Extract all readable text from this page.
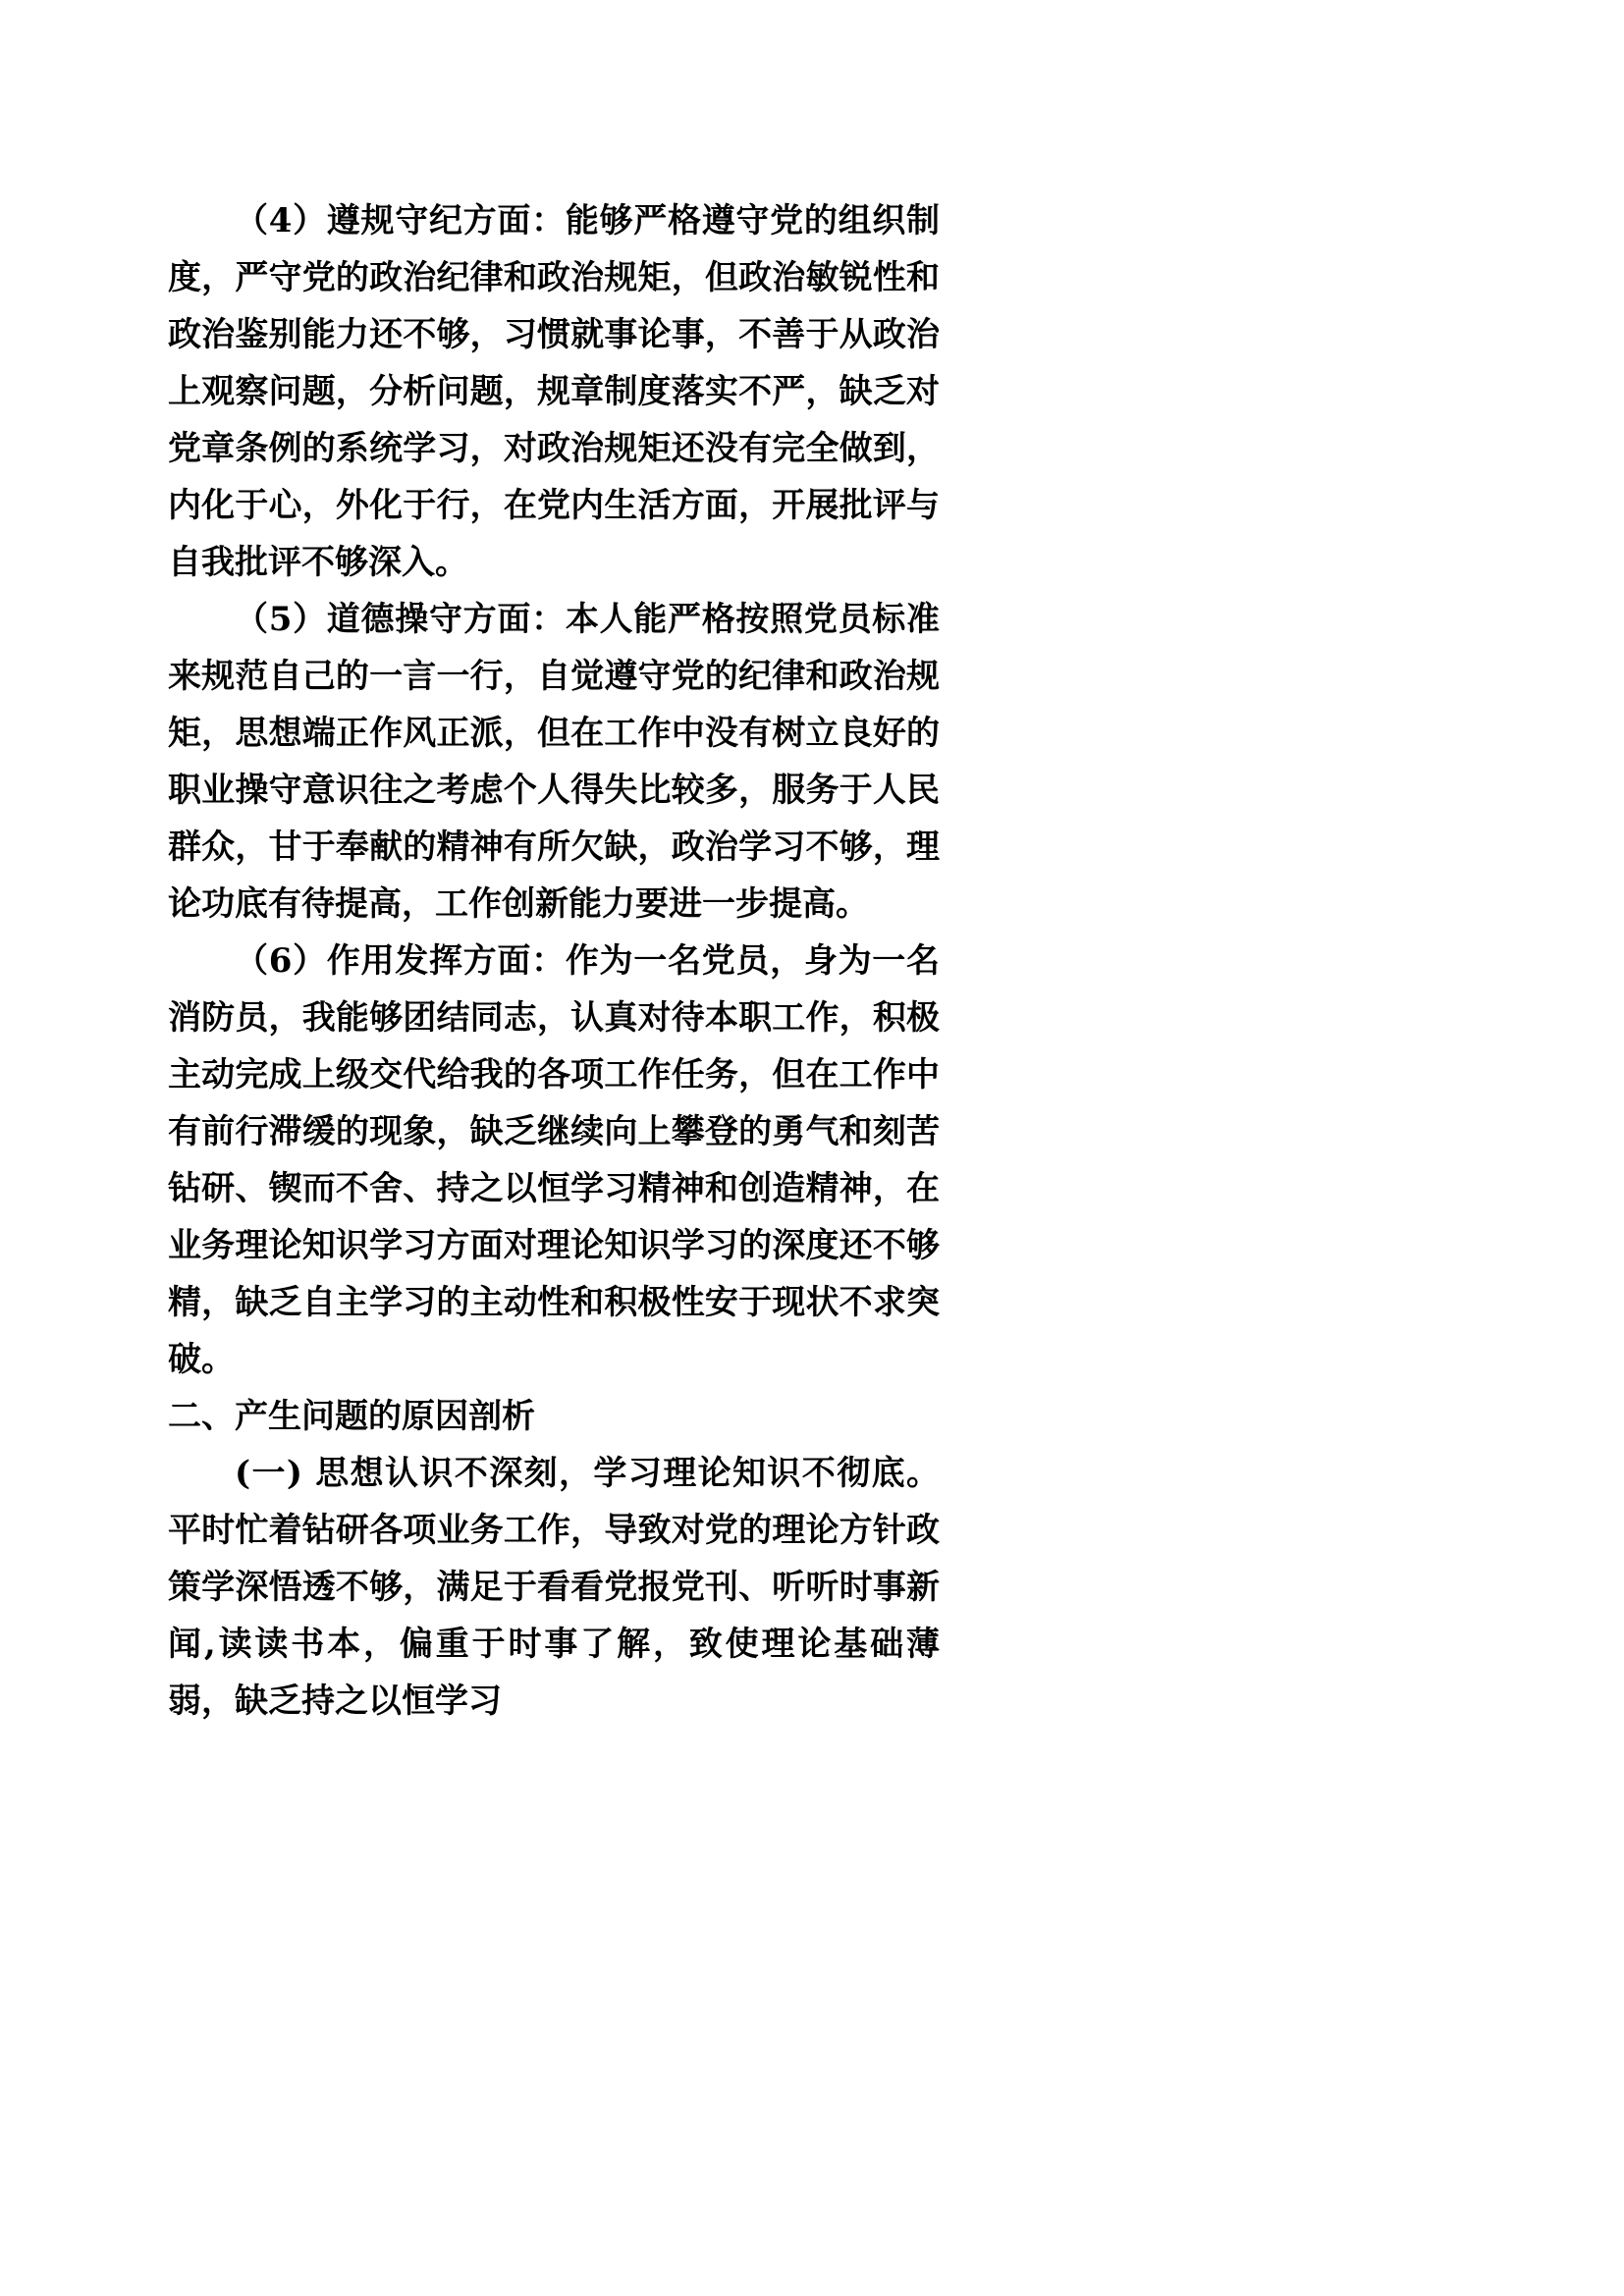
（4）遵规守纪方面：能够严格遵守党的组织制度，严守党的政治纪律和政治规矩，但政治敏锐性和政治鉴别能力还不够，习惯就事论事，不善于从政治上观察问题，分析问题，规章制度落实不严，缺乏对党章条例的系统学习，对政治规矩还没有完全做到，内化于心，外化于行，在党内生活方面，开展批评与自我批评不够深入。

（5）道德操守方面：本人能严格按照党员标准来规范自己的一言一行，自觉遵守党的纪律和政治规矩，思想端正作风正派，但在工作中没有树立良好的职业操守意识往之考虑个人得失比较多，服务于人民群众，甘于奉献的精神有所欠缺，政治学习不够，理论功底有待提高，工作创新能力要进一步提高。

（6）作用发挥方面：作为一名党员，身为一名消防员，我能够团结同志，认真对待本职工作，积极主动完成上级交代给我的各项工作任务，但在工作中有前行滞缓的现象，缺乏继续向上攀登的勇气和刻苦钻研、锲而不舍、持之以恒学习精神和创造精神，在业务理论知识学习方面对理论知识学习的深度还不够精，缺乏自主学习的主动性和积极性安于现状不求突破。

二、产生问题的原因剖析

(一) 思想认识不深刻，学习理论知识不彻底。平时忙着钻研各项业务工作，导致对党的理论方针政策学深悟透不够，满足于看看党报党刊、听听时事新闻,读读书本，偏重于时事了解，致使理论基础薄弱，缺乏持之以恒学习
